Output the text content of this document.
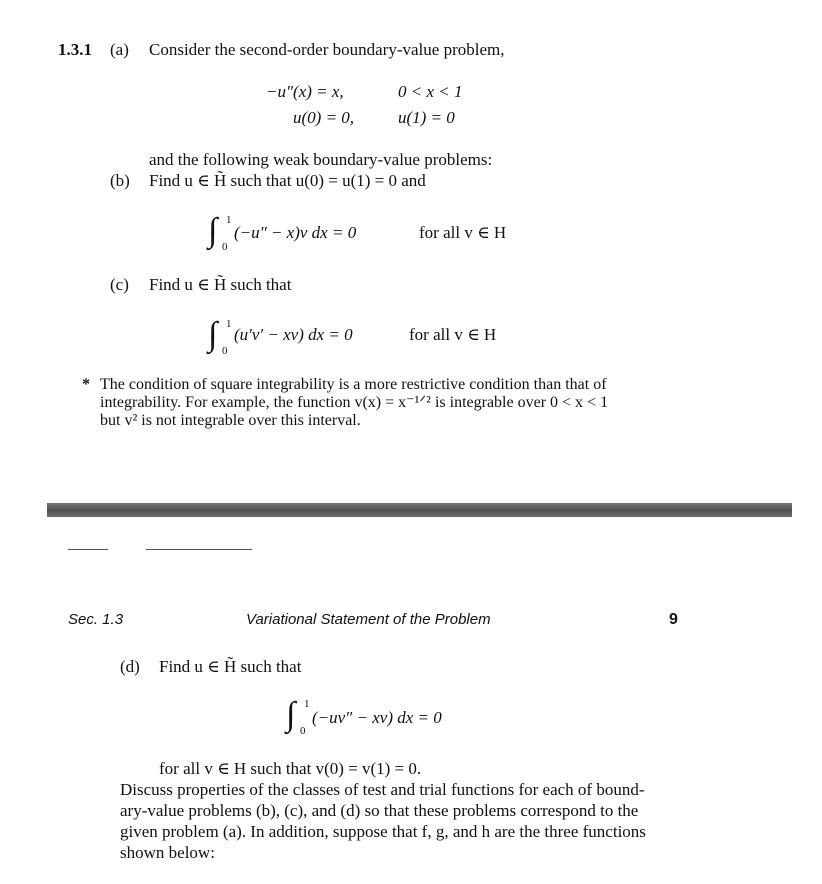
1.3.1 (a) Consider the second-order boundary-value problem,
−u″(x) = x,	0 < x < 1
u(0) = 0,	u(1) = 0
and the following weak boundary-value problems:
(b) Find u ∈ H̃ such that u(0) = u(1) = 0 and
∫ 1
0
(−u″ − x)v dx = 0	for all v ∈ H
(c) Find u ∈ H̃ such that
∫ 1
0
(u′v′ − xv) dx = 0	for all v ∈ H
* The condition of square integrability is a more restrictive condition than that of
integrability. For example, the function v(x) = x⁻¹ᐟ² is integrable over 0 < x < 1
but v² is not integrable over this interval.
Sec. 1.3	Variational Statement of the Problem	9
(d) Find u ∈ H̃ such that
∫ 1
0
(−uv″ − xv) dx = 0
for all v ∈ H such that v(0) = v(1) = 0.
Discuss properties of the classes of test and trial functions for each of bound-
ary-value problems (b), (c), and (d) so that these problems correspond to the
given problem (a). In addition, suppose that f, g, and h are the three functions
shown below:
